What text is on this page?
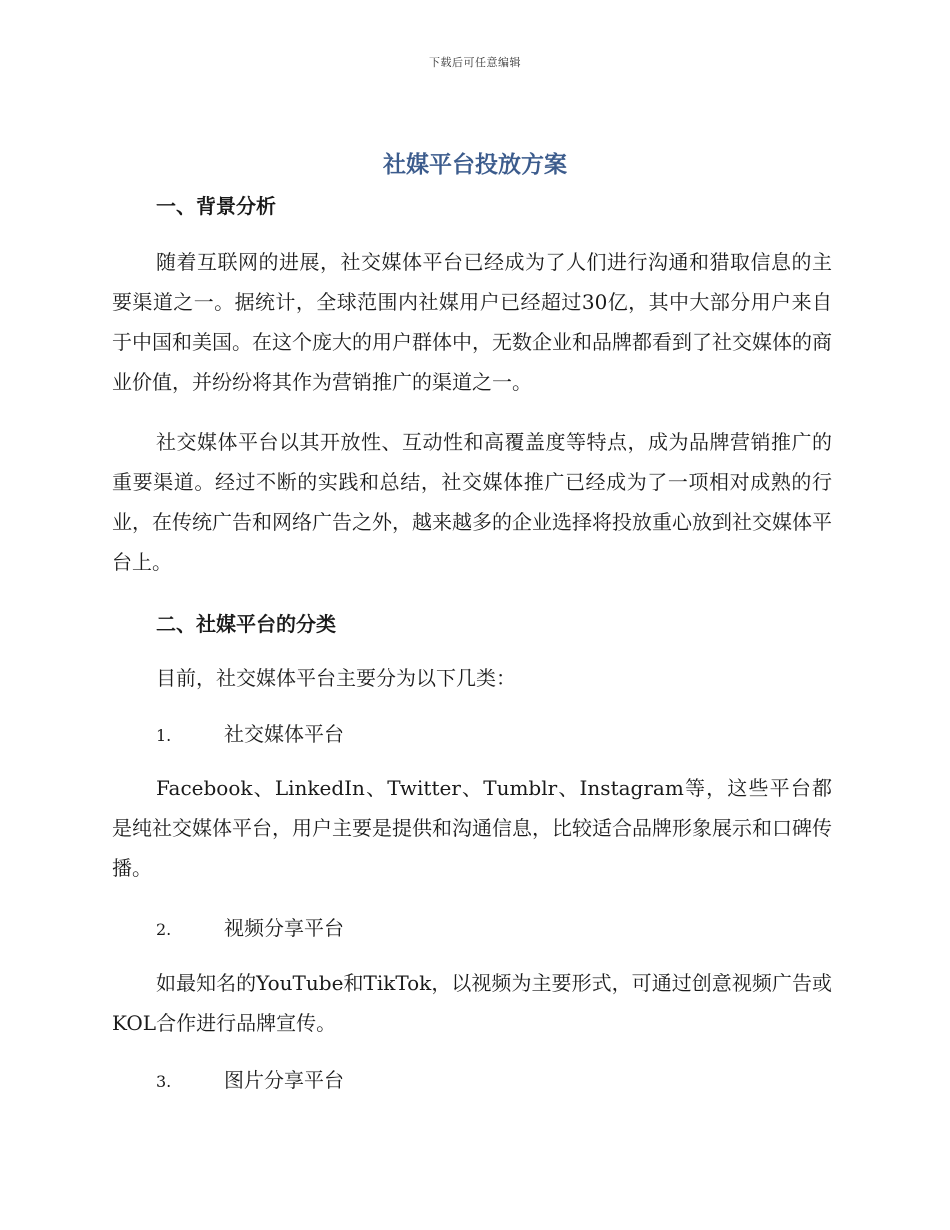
下载后可任意编辑
社媒平台投放方案
一、背景分析

随着互联网的进展，社交媒体平台已经成为了人们进行沟通和猎取信息的主要渠道之一。据统计，全球范围内社媒用户已经超过30亿，其中大部分用户来自于中国和美国。在这个庞大的用户群体中，无数企业和品牌都看到了社交媒体的商业价值，并纷纷将其作为营销推广的渠道之一。

社交媒体平台以其开放性、互动性和高覆盖度等特点，成为品牌营销推广的重要渠道。经过不断的实践和总结，社交媒体推广已经成为了一项相对成熟的行业，在传统广告和网络广告之外，越来越多的企业选择将投放重心放到社交媒体平台上。

二、社媒平台的分类

目前，社交媒体平台主要分为以下几类：

1.	社交媒体平台

Facebook、LinkedIn、Twitter、Tumblr、Instagram等，这些平台都是纯社交媒体平台，用户主要是提供和沟通信息，比较适合品牌形象展示和口碑传播。

2.	视频分享平台

如最知名的YouTube和TikTok，以视频为主要形式，可通过创意视频广告或KOL合作进行品牌宣传。

3.	图片分享平台
